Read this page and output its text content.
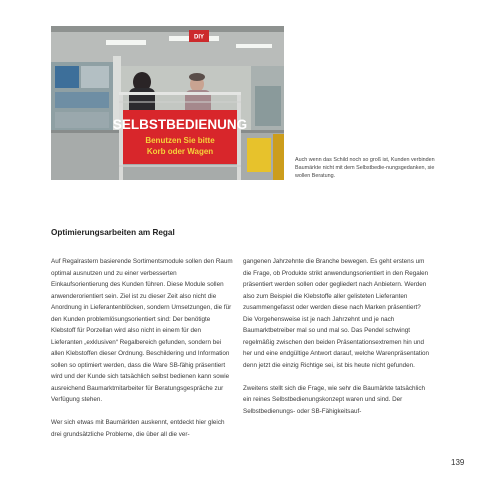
DIY
SELBSTBEDIENUNG
Benutzen Sie bitte
Korb oder Wagen
Auch wenn das Schild noch so groß ist, Kunden verbinden Baumärkte nicht mit dem Selbstbedie-nungsgedanken, sie wollen Beratung.
Optimierungsarbeiten am Regal

Auf Regalrastern basierende Sortimentsmodule sollen den Raum optimal ausnutzen und zu einer verbesserten Einkaufsorientierung des Kunden führen. Diese Module sollen anwenderorientiert sein. Ziel ist zu dieser Zeit also nicht die Anordnung in Lieferantenblöcken, sondern Umsetzungen, die für den Kunden problemlösungsorientiert sind: Der benötigte Klebstoff für Porzellan wird also nicht in einem für den Lieferanten „exklusiven“ Regalbereich gefunden, sondern bei allen Klebstoffen dieser Ordnung. Beschildering und Information sollen so optimiert werden, dass die Ware SB-fähig präsentiert wird und der Kunde sich tatsächlich selbst bedienen kann sowie ausreichend Baumarktmitarbeiter für Beratungsgespräche zur Verfügung stehen.

Wer sich etwas mit Baumärkten auskennt, entdeckt hier gleich drei grundsätzliche Probleme, die über all die ver-

gangenen Jahrzehnte die Branche bewegen. Es geht erstens um die Frage, ob Produkte strikt anwendungsorientiert in den Regalen präsentiert werden sollen oder gegliedert nach Anbietern. Werden also zum Beispiel die Klebstoffe aller gelisteten Lieferanten zusammengefasst oder werden diese nach Marken präsentiert? Die Vorgehensweise ist je nach Jahrzehnt und je nach Baumarktbetreiber mal so und mal so. Das Pendel schwingt regelmäßig zwischen den beiden Präsentationsextremen hin und her und eine endgültige Antwort darauf, welche Warenpräsentation denn jetzt die einzig Richtige sei, ist bis heute nicht gefunden.

Zweitens stellt sich die Frage, wie sehr die Baumärkte tatsächlich ein reines Selbstbedienungskonzept waren und sind. Der Selbstbedienungs- oder SB-Fähigkeitsauf-

139
